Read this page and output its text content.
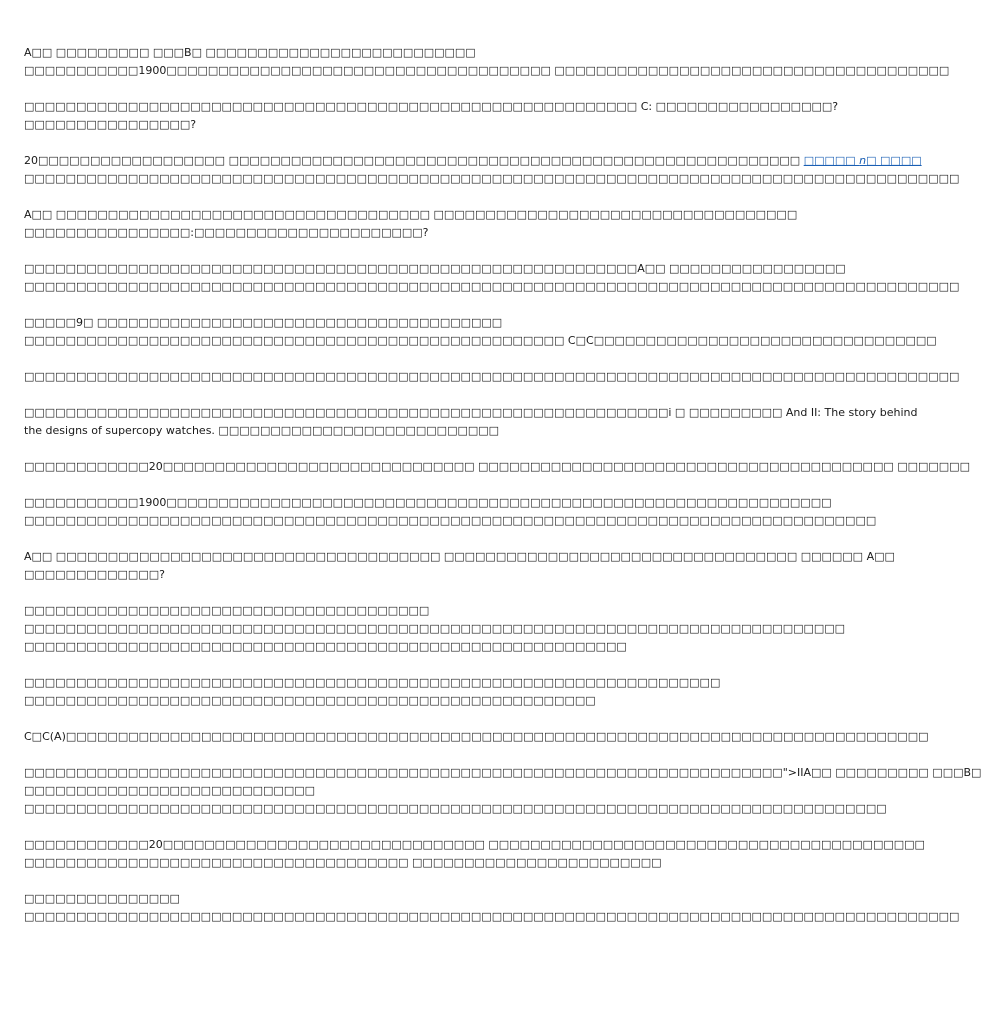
A□□ □□□□□□□□□ □□□B□ □□□□□□□□□□□□□□□□□□□□□□□□□□
□□□□□□□□□□□1900□□□□□□□□□□□□□□□□□□□□□□□□□□□□□□□□□□□□□ □□□□□□□□□□□□□□□□□□□□□□□□□□□□□□□□□□□□□□

□□□□□□□□□□□□□□□□□□□□□□□□□□□□□□□□□□□□□□□□□□□□□□□□□□□□□□□□□□□ C: □□□□□□□□□□□□□□□□□?
□□□□□□□□□□□□□□□□?

20□□□□□□□□□□□□□□□□□□ □□□□□□□□□□□□□□□□□□□□□□□□□□□□□□□□□□□□□□□□□□□□□□□□□□□□□□□ □□□□□ n□ □□□□
□□□□□□□□□□□□□□□□□□□□□□□□□□□□□□□□□□□□□□□□□□□□□□□□□□□□□□□□□□□□□□□□□□□□□□□□□□□□□□□□□□□□□□□□□□

A□□ □□□□□□□□□□□□□□□□□□□□□□□□□□□□□□□□□□□□ □□□□□□□□□□□□□□□□□□□□□□□□□□□□□□□□□□□
□□□□□□□□□□□□□□□□:□□□□□□□□□□□□□□□□□□□□□□?

□□□□□□□□□□□□□□□□□□□□□□□□□□□□□□□□□□□□□□□□□□□□□□□□□□□□□□□□□□□A□□ □□□□□□□□□□□□□□□□□
□□□□□□□□□□□□□□□□□□□□□□□□□□□□□□□□□□□□□□□□□□□□□□□□□□□□□□□□□□□□□□□□□□□□□□□□□□□□□□□□□□□□□□□□□□

□□□□□9□ □□□□□□□□□□□□□□□□□□□□□□□□□□□□□□□□□□□□□□□
□□□□□□□□□□□□□□□□□□□□□□□□□□□□□□□□□□□□□□□□□□□□□□□□□□□□ C□C□□□□□□□□□□□□□□□□□□□□□□□□□□□□□□□□□

□□□□□□□□□□□□□□□□□□□□□□□□□□□□□□□□□□□□□□□□□□□□□□□□□□□□□□□□□□□□□□□□□□□□□□□□□□□□□□□□□□□□□□□□□□

□□□□□□□□□□□□□□□□□□□□□□□□□□□□□□□□□□□□□□□□□□□□□□□□□□□□□□□□□□□□□□i □ □□□□□□□□□ And II: The story behind
the designs of supercopy watches. □□□□□□□□□□□□□□□□□□□□□□□□□□□

□□□□□□□□□□□□20□□□□□□□□□□□□□□□□□□□□□□□□□□□□□□ □□□□□□□□□□□□□□□□□□□□□□□□□□□□□□□□□□□□□□□□ □□□□□□□

□□□□□□□□□□□1900□□□□□□□□□□□□□□□□□□□□□□□□□□□□□□□□□□□□□□□□□□□□□□□□□□□□□□□□□□□□□□□□
□□□□□□□□□□□□□□□□□□□□□□□□□□□□□□□□□□□□□□□□□□□□□□□□□□□□□□□□□□□□□□□□□□□□□□□□□□□□□□□□□□

A□□ □□□□□□□□□□□□□□□□□□□□□□□□□□□□□□□□□□□□□ □□□□□□□□□□□□□□□□□□□□□□□□□□□□□□□□□□ □□□□□□ A□□
□□□□□□□□□□□□□?

□□□□□□□□□□□□□□□□□□□□□□□□□□□□□□□□□□□□□□□
□□□□□□□□□□□□□□□□□□□□□□□□□□□□□□□□□□□□□□□□□□□□□□□□□□□□□□□□□□□□□□□□□□□□□□□□□□□□□□□
□□□□□□□□□□□□□□□□□□□□□□□□□□□□□□□□□□□□□□□□□□□□□□□□□□□□□□□□□□

□□□□□□□□□□□□□□□□□□□□□□□□□□□□□□□□□□□□□□□□□□□□□□□□□□□□□□□□□□□□□□□□□□□
□□□□□□□□□□□□□□□□□□□□□□□□□□□□□□□□□□□□□□□□□□□□□□□□□□□□□□□

C□C(A)□□□□□□□□□□□□□□□□□□□□□□□□□□□□□□□□□□□□□□□□□□□□□□□□□□□□□□□□□□□□□□□□□□□□□□□□□□□□□□□□□□□

□□□□□□□□□□□□□□□□□□□□□□□□□□□□□□□□□□□□□□□□□□□□□□□□□□□□□□□□□□□□□□□□□□□□□□□□□">IIA□□ □□□□□□□□□ □□□B□
□□□□□□□□□□□□□□□□□□□□□□□□□□□□
□□□□□□□□□□□□□□□□□□□□□□□□□□□□□□□□□□□□□□□□□□□□□□□□□□□□□□□□□□□□□□□□□□□□□□□□□□□□□□□□□□□

□□□□□□□□□□□□20□□□□□□□□□□□□□□□□□□□□□□□□□□□□□□□ □□□□□□□□□□□□□□□□□□□□□□□□□□□□□□□□□□□□□□□□□□
□□□□□□□□□□□□□□□□□□□□□□□□□□□□□□□□□□□□□ □□□□□□□□□□□□□□□□□□□□□□□□

□□□□□□□□□□□□□□□
□□□□□□□□□□□□□□□□□□□□□□□□□□□□□□□□□□□□□□□□□□□□□□□□□□□□□□□□□□□□□□□□□□□□□□□□□□□□□□□□□□□□□□□□□□
